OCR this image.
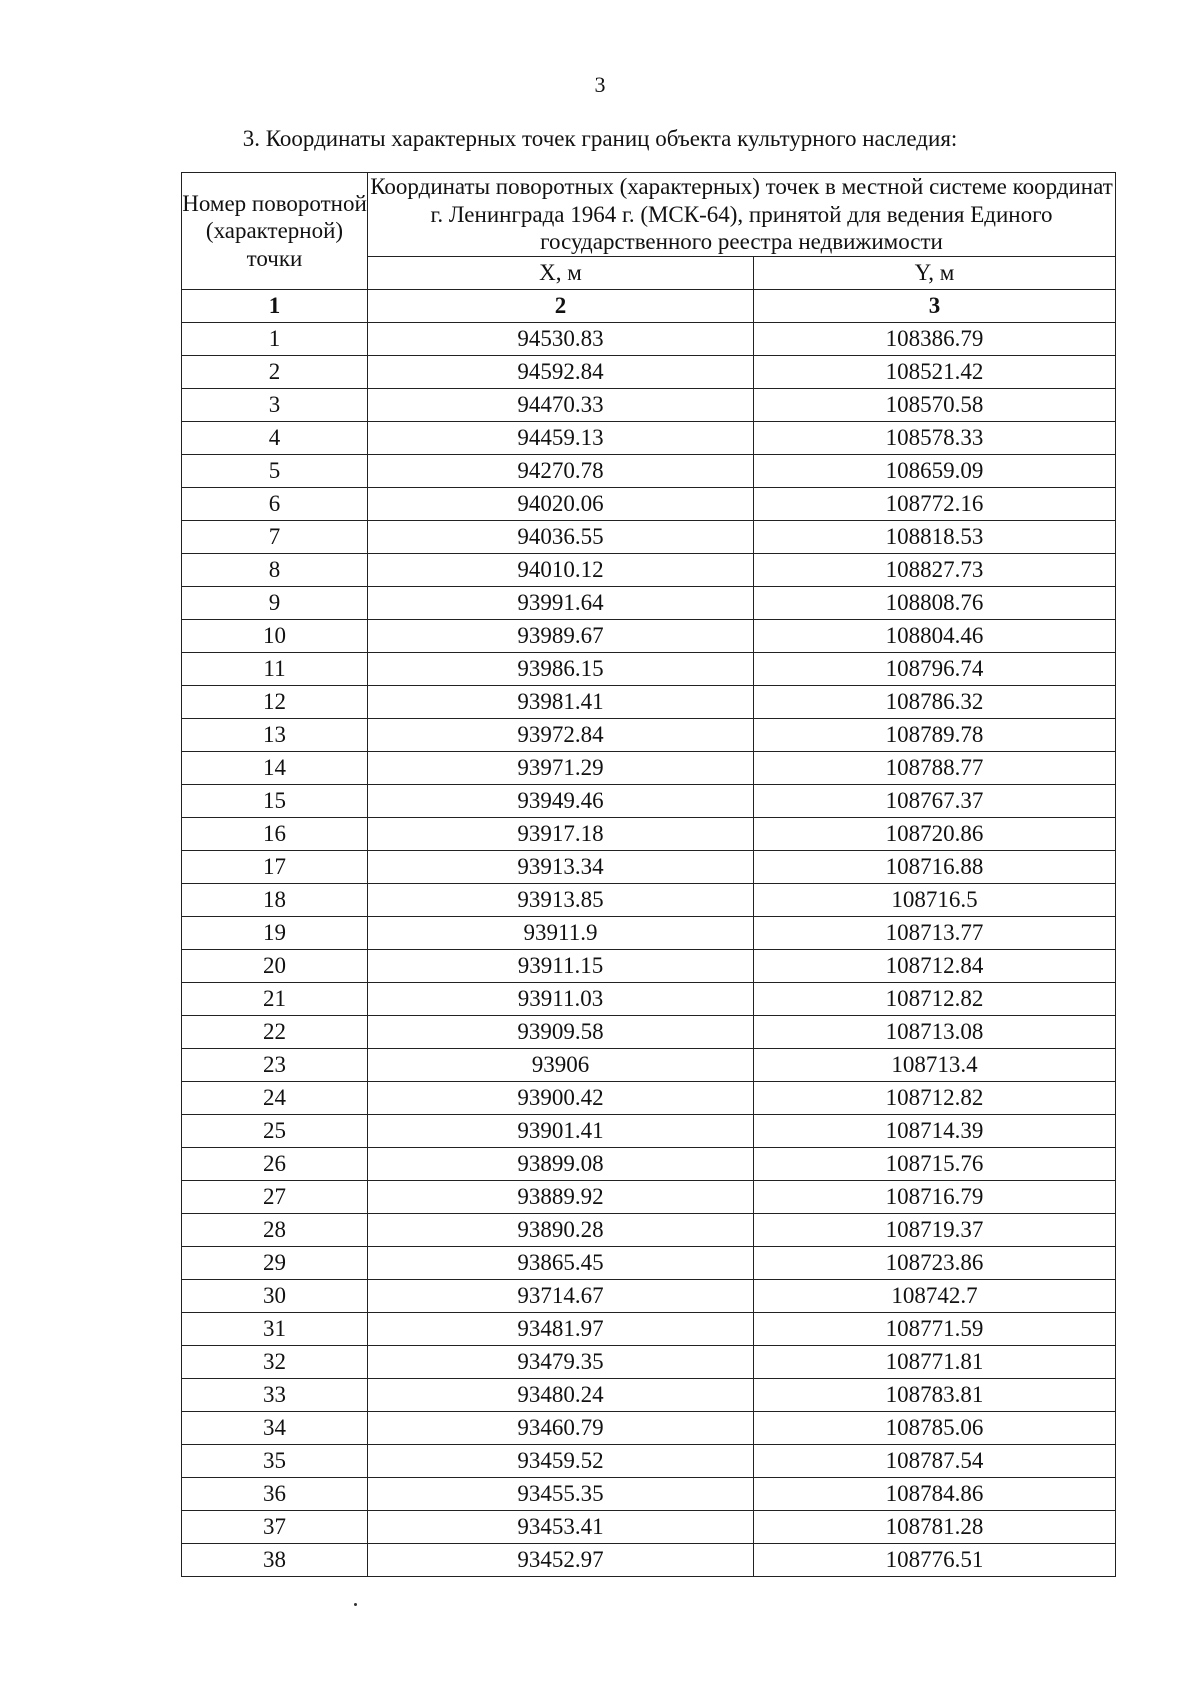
3
3. Координаты характерных точек границ объекта культурного наследия:
Номер поворотной (характерной) точки	Координаты поворотных (характерных) точек в местной системе координат г. Ленинграда 1964 г. (МСК-64), принятой для ведения Единого государственного реестра недвижимости	
	X, м	Y, м
1	2	3
1	94530.83	108386.79
2	94592.84	108521.42
3	94470.33	108570.58
4	94459.13	108578.33
5	94270.78	108659.09
6	94020.06	108772.16
7	94036.55	108818.53
8	94010.12	108827.73
9	93991.64	108808.76
10	93989.67	108804.46
11	93986.15	108796.74
12	93981.41	108786.32
13	93972.84	108789.78
14	93971.29	108788.77
15	93949.46	108767.37
16	93917.18	108720.86
17	93913.34	108716.88
18	93913.85	108716.5
19	93911.9	108713.77
20	93911.15	108712.84
21	93911.03	108712.82
22	93909.58	108713.08
23	93906	108713.4
24	93900.42	108712.82
25	93901.41	108714.39
26	93899.08	108715.76
27	93889.92	108716.79
28	93890.28	108719.37
29	93865.45	108723.86
30	93714.67	108742.7
31	93481.97	108771.59
32	93479.35	108771.81
33	93480.24	108783.81
34	93460.79	108785.06
35	93459.52	108787.54
36	93455.35	108784.86
37	93453.41	108781.28
38	93452.97	108776.51
